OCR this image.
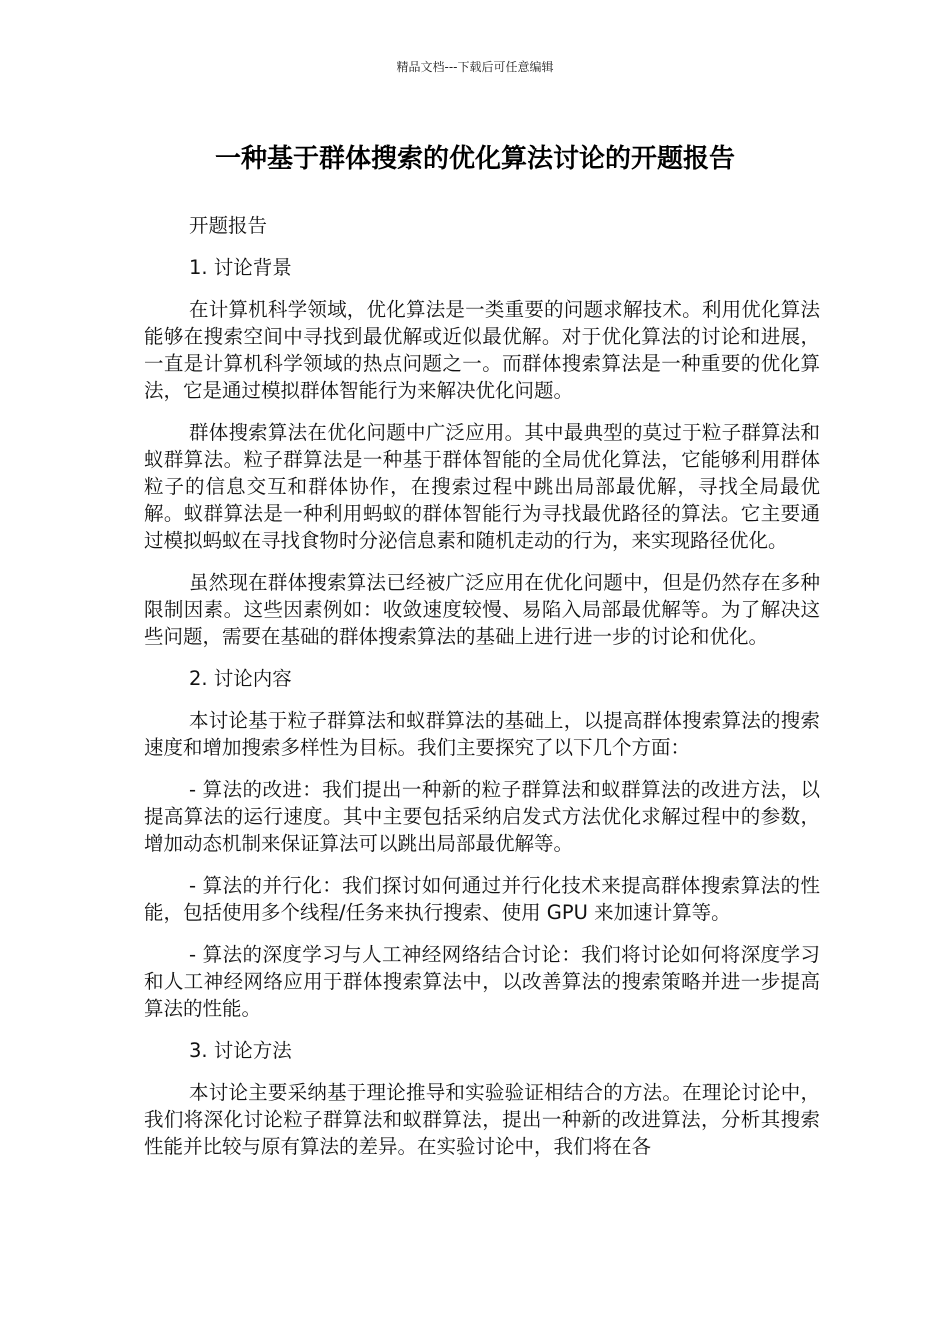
精品文档---下载后可任意编辑
一种基于群体搜索的优化算法讨论的开题报告
开题报告
1. 讨论背景

在计算机科学领域，优化算法是一类重要的问题求解技术。利用优化算法能够在搜索空间中寻找到最优解或近似最优解。对于优化算法的讨论和进展，一直是计算机科学领域的热点问题之一。而群体搜索算法是一种重要的优化算法，它是通过模拟群体智能行为来解决优化问题。

群体搜索算法在优化问题中广泛应用。其中最典型的莫过于粒子群算法和蚁群算法。粒子群算法是一种基于群体智能的全局优化算法，它能够利用群体粒子的信息交互和群体协作，在搜索过程中跳出局部最优解，寻找全局最优解。蚁群算法是一种利用蚂蚁的群体智能行为寻找最优路径的算法。它主要通过模拟蚂蚁在寻找食物时分泌信息素和随机走动的行为，来实现路径优化。

虽然现在群体搜索算法已经被广泛应用在优化问题中，但是仍然存在多种限制因素。这些因素例如：收敛速度较慢、易陷入局部最优解等。为了解决这些问题，需要在基础的群体搜索算法的基础上进行进一步的讨论和优化。

2. 讨论内容

本讨论基于粒子群算法和蚁群算法的基础上，以提高群体搜索算法的搜索速度和增加搜索多样性为目标。我们主要探究了以下几个方面：

- 算法的改进：我们提出一种新的粒子群算法和蚁群算法的改进方法，以提高算法的运行速度。其中主要包括采纳启发式方法优化求解过程中的参数，增加动态机制来保证算法可以跳出局部最优解等。

- 算法的并行化：我们探讨如何通过并行化技术来提高群体搜索算法的性能，包括使用多个线程/任务来执行搜索、使用 GPU 来加速计算等。

- 算法的深度学习与人工神经网络结合讨论：我们将讨论如何将深度学习和人工神经网络应用于群体搜索算法中，以改善算法的搜索策略并进一步提高算法的性能。

3. 讨论方法

本讨论主要采纳基于理论推导和实验验证相结合的方法。在理论讨论中，我们将深化讨论粒子群算法和蚁群算法，提出一种新的改进算法，分析其搜索性能并比较与原有算法的差异。在实验讨论中，我们将在各
